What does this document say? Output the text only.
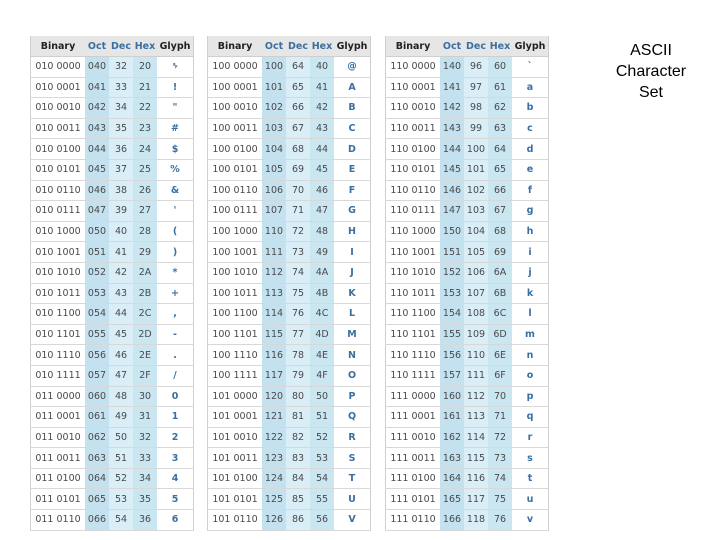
Binary	Oct	Dec	Hex	Glyph
010 0000	040	32	20	␠
010 0001	041	33	21	!
010 0010	042	34	22	"
010 0011	043	35	23	#
010 0100	044	36	24	$
010 0101	045	37	25	%
010 0110	046	38	26	&
010 0111	047	39	27	'
010 1000	050	40	28	(
010 1001	051	41	29	)
010 1010	052	42	2A	*
010 1011	053	43	2B	+
010 1100	054	44	2C	,
010 1101	055	45	2D	-
010 1110	056	46	2E	.
010 1111	057	47	2F	/
011 0000	060	48	30	0
011 0001	061	49	31	1
011 0010	062	50	32	2
011 0011	063	51	33	3
011 0100	064	52	34	4
011 0101	065	53	35	5
011 0110	066	54	36	6
Binary	Oct	Dec	Hex	Glyph
100 0000	100	64	40	@
100 0001	101	65	41	A
100 0010	102	66	42	B
100 0011	103	67	43	C
100 0100	104	68	44	D
100 0101	105	69	45	E
100 0110	106	70	46	F
100 0111	107	71	47	G
100 1000	110	72	48	H
100 1001	111	73	49	I
100 1010	112	74	4A	J
100 1011	113	75	4B	K
100 1100	114	76	4C	L
100 1101	115	77	4D	M
100 1110	116	78	4E	N
100 1111	117	79	4F	O
101 0000	120	80	50	P
101 0001	121	81	51	Q
101 0010	122	82	52	R
101 0011	123	83	53	S
101 0100	124	84	54	T
101 0101	125	85	55	U
101 0110	126	86	56	V
Binary	Oct	Dec	Hex	Glyph
110 0000	140	96	60	`
110 0001	141	97	61	a
110 0010	142	98	62	b
110 0011	143	99	63	c
110 0100	144	100	64	d
110 0101	145	101	65	e
110 0110	146	102	66	f
110 0111	147	103	67	g
110 1000	150	104	68	h
110 1001	151	105	69	i
110 1010	152	106	6A	j
110 1011	153	107	6B	k
110 1100	154	108	6C	l
110 1101	155	109	6D	m
110 1110	156	110	6E	n
110 1111	157	111	6F	o
111 0000	160	112	70	p
111 0001	161	113	71	q
111 0010	162	114	72	r
111 0011	163	115	73	s
111 0100	164	116	74	t
111 0101	165	117	75	u
111 0110	166	118	76	v
ASCII
Character
Set
